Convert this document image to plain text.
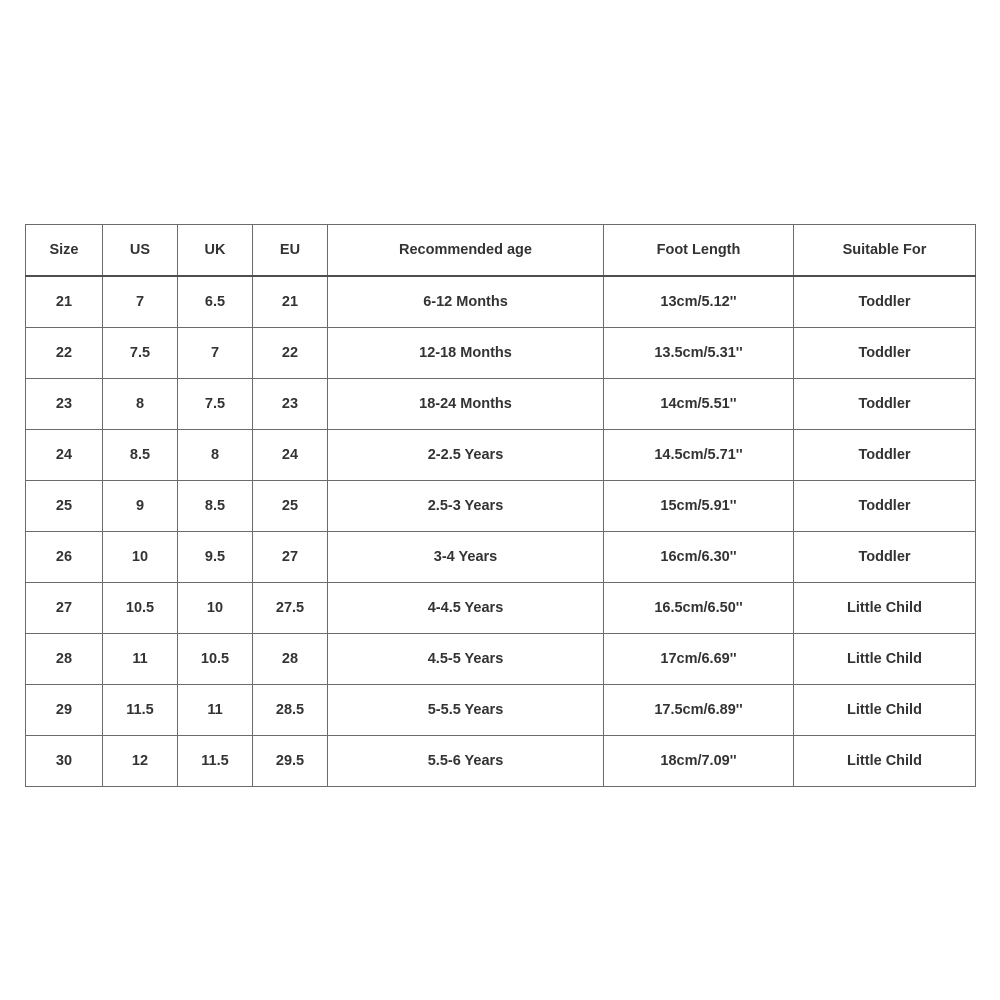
Size	US	UK	EU	Recommended age	Foot Length	Suitable For
21	7	6.5	21	6-12 Months	13cm/5.12''	Toddler
22	7.5	7	22	12-18 Months	13.5cm/5.31''	Toddler
23	8	7.5	23	18-24 Months	14cm/5.51''	Toddler
24	8.5	8	24	2-2.5 Years	14.5cm/5.71''	Toddler
25	9	8.5	25	2.5-3 Years	15cm/5.91''	Toddler
26	10	9.5	27	3-4 Years	16cm/6.30''	Toddler
27	10.5	10	27.5	4-4.5 Years	16.5cm/6.50''	Little Child
28	11	10.5	28	4.5-5 Years	17cm/6.69''	Little Child
29	11.5	11	28.5	5-5.5 Years	17.5cm/6.89''	Little Child
30	12	11.5	29.5	5.5-6 Years	18cm/7.09''	Little Child
